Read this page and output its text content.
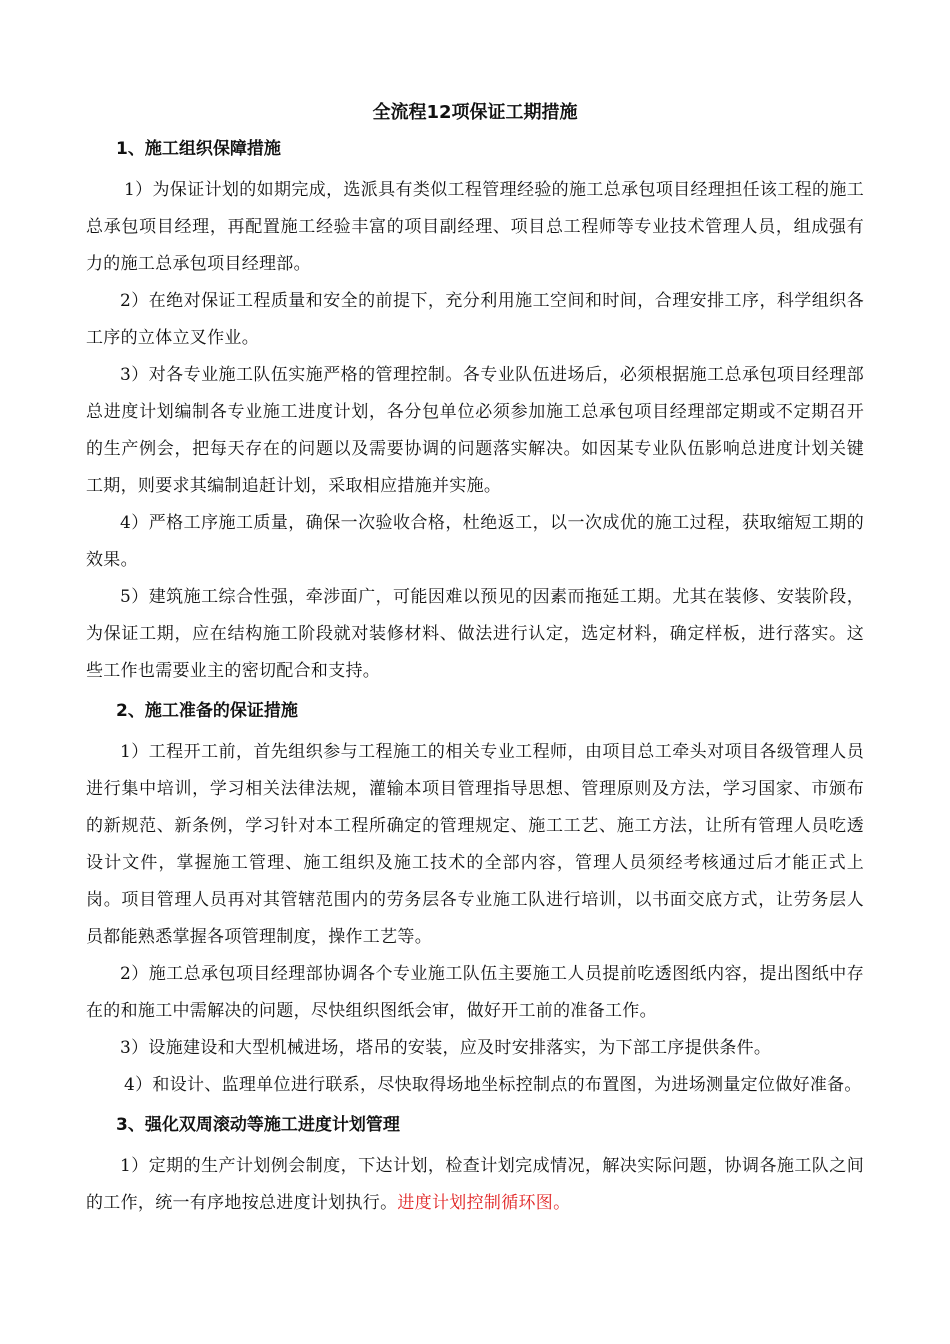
全流程12项保证工期措施
1、施工组织保障措施

1）为保证计划的如期完成，选派具有类似工程管理经验的施工总承包项目经理担任该工程的施工总承包项目经理，再配置施工经验丰富的项目副经理、项目总工程师等专业技术管理人员，组成强有力的施工总承包项目经理部。

2）在绝对保证工程质量和安全的前提下，充分利用施工空间和时间，合理安排工序，科学组织各工序的立体立叉作业。

3）对各专业施工队伍实施严格的管理控制。各专业队伍进场后，必须根据施工总承包项目经理部总进度计划编制各专业施工进度计划，各分包单位必须参加施工总承包项目经理部定期或不定期召开的生产例会，把每天存在的问题以及需要协调的问题落实解决。如因某专业队伍影响总进度计划关键工期，则要求其编制追赶计划，采取相应措施并实施。

4）严格工序施工质量，确保一次验收合格，杜绝返工，以一次成优的施工过程，获取缩短工期的效果。

5）建筑施工综合性强，牵涉面广，可能因难以预见的因素而拖延工期。尤其在装修、安装阶段，为保证工期，应在结构施工阶段就对装修材料、做法进行认定，选定材料，确定样板，进行落实。这些工作也需要业主的密切配合和支持。

2、施工准备的保证措施

1）工程开工前，首先组织参与工程施工的相关专业工程师，由项目总工牵头对项目各级管理人员进行集中培训，学习相关法律法规，灌输本项目管理指导思想、管理原则及方法，学习国家、市颁布的新规范、新条例，学习针对本工程所确定的管理规定、施工工艺、施工方法，让所有管理人员吃透设计文件，掌握施工管理、施工组织及施工技术的全部内容，管理人员须经考核通过后才能正式上岗。项目管理人员再对其管辖范围内的劳务层各专业施工队进行培训，以书面交底方式，让劳务层人员都能熟悉掌握各项管理制度，操作工艺等。

2）施工总承包项目经理部协调各个专业施工队伍主要施工人员提前吃透图纸内容，提出图纸中存在的和施工中需解决的问题，尽快组织图纸会审，做好开工前的准备工作。

3）设施建设和大型机械进场，塔吊的安装，应及时安排落实，为下部工序提供条件。

4）和设计、监理单位进行联系，尽快取得场地坐标控制点的布置图，为进场测量定位做好准备。

3、强化双周滚动等施工进度计划管理

1）定期的生产计划例会制度，下达计划，检查计划完成情况，解决实际问题，协调各施工队之间的工作，统一有序地按总进度计划执行。进度计划控制循环图。
